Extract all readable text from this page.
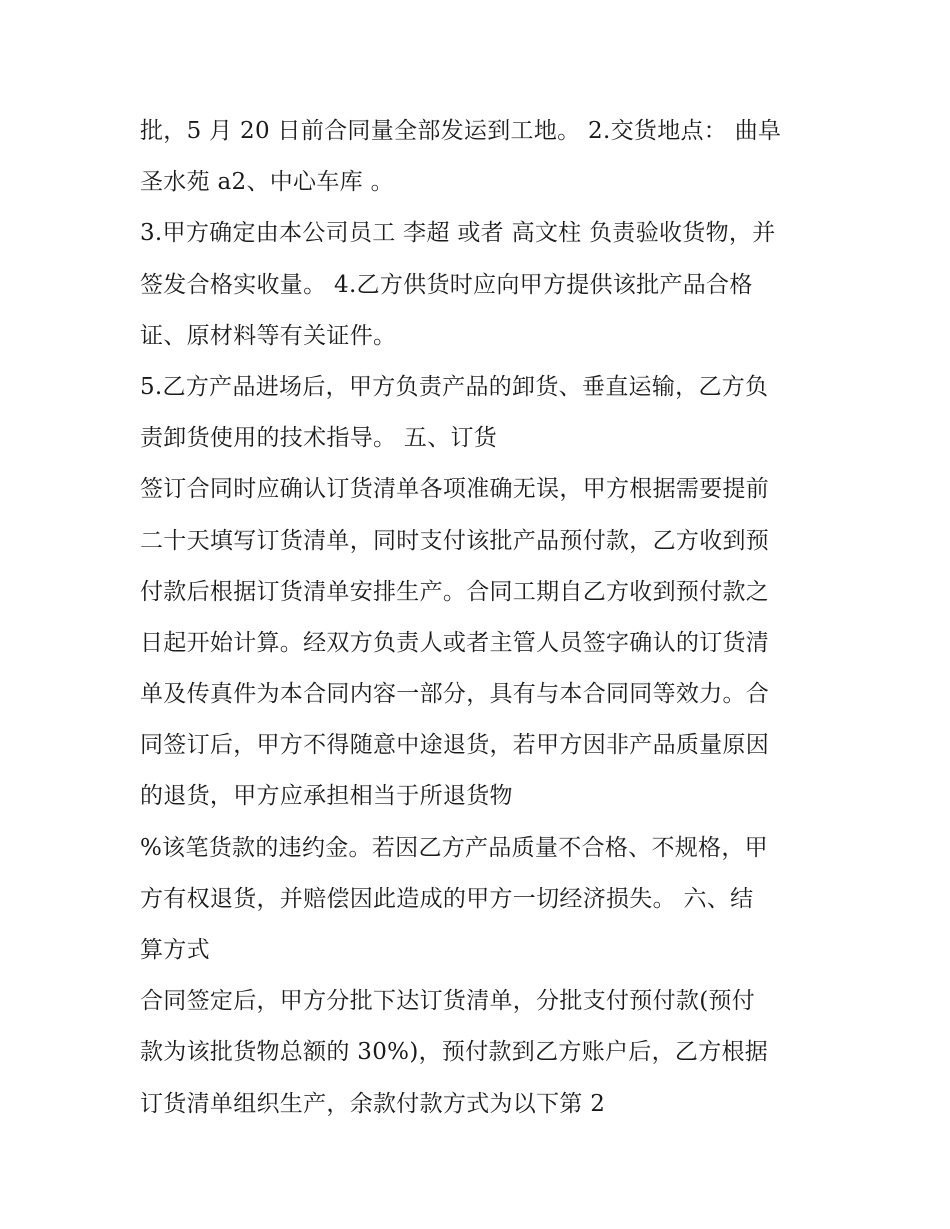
批，5 月 20 日前合同量全部发运到工地。 2.交货地点： 曲阜
圣水苑 a2、中心车库 。
3.甲方确定由本公司员工 李超 或者 高文柱 负责验收货物，并
签发合格实收量。 4.乙方供货时应向甲方提供该批产品合格
证、原材料等有关证件。
5.乙方产品进场后，甲方负责产品的卸货、垂直运输，乙方负
责卸货使用的技术指导。 五、订货
签订合同时应确认订货清单各项准确无误，甲方根据需要提前
二十天填写订货清单，同时支付该批产品预付款，乙方收到预
付款后根据订货清单安排生产。合同工期自乙方收到预付款之
日起开始计算。经双方负责人或者主管人员签字确认的订货清
单及传真件为本合同内容一部分，具有与本合同同等效力。合
同签订后，甲方不得随意中途退货，若甲方因非产品质量原因
的退货，甲方应承担相当于所退货物
%该笔货款的违约金。若因乙方产品质量不合格、不规格，甲
方有权退货，并赔偿因此造成的甲方一切经济损失。 六、结
算方式
合同签定后，甲方分批下达订货清单，分批支付预付款(预付
款为该批货物总额的 30%)，预付款到乙方账户后，乙方根据
订货清单组织生产，余款付款方式为以下第 2
